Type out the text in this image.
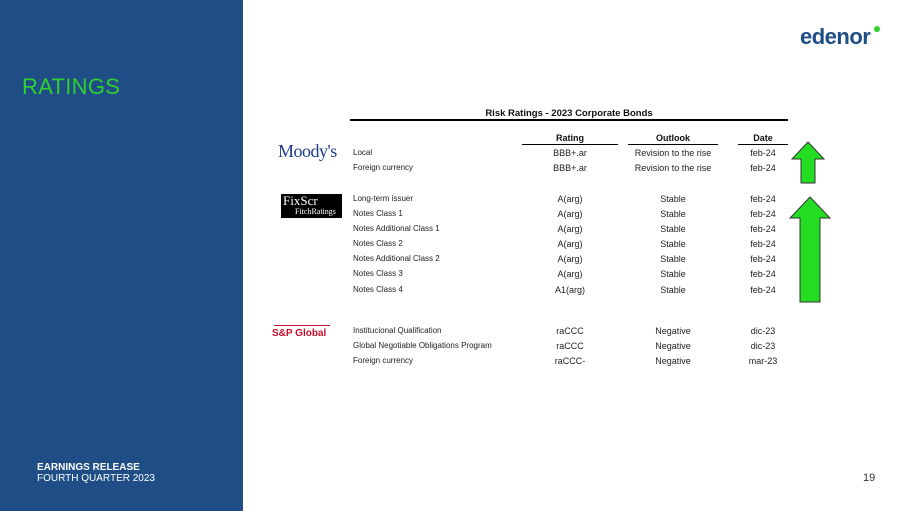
RATINGS
EARNINGS RELEASE
FOURTH QUARTER 2023
edenor
19
Risk Ratings - 2023 Corporate Bonds
Rating	Outlook	Date
Moody's
FixScr
FitchRatings
S&P Global
Local	BBB+.ar	Revision to the rise	feb-24
Foreign currency	BBB+.ar	Revision to the rise	feb-24
Long-term issuer	A(arg)	Stable	feb-24
Notes Class 1	A(arg)	Stable	feb-24
Notes Additional Class 1	A(arg)	Stable	feb-24
Notes Class 2	A(arg)	Stable	feb-24
Notes Additional Class 2	A(arg)	Stable	feb-24
Notes Class 3	A(arg)	Stable	feb-24
Notes Class 4	A1(arg)	Stable	feb-24
Institucional Qualification	raCCC	Negative	dic-23
Global Negotiable Obligations Program	raCCC	Negative	dic-23
Foreign currency	raCCC-	Negative	mar-23
